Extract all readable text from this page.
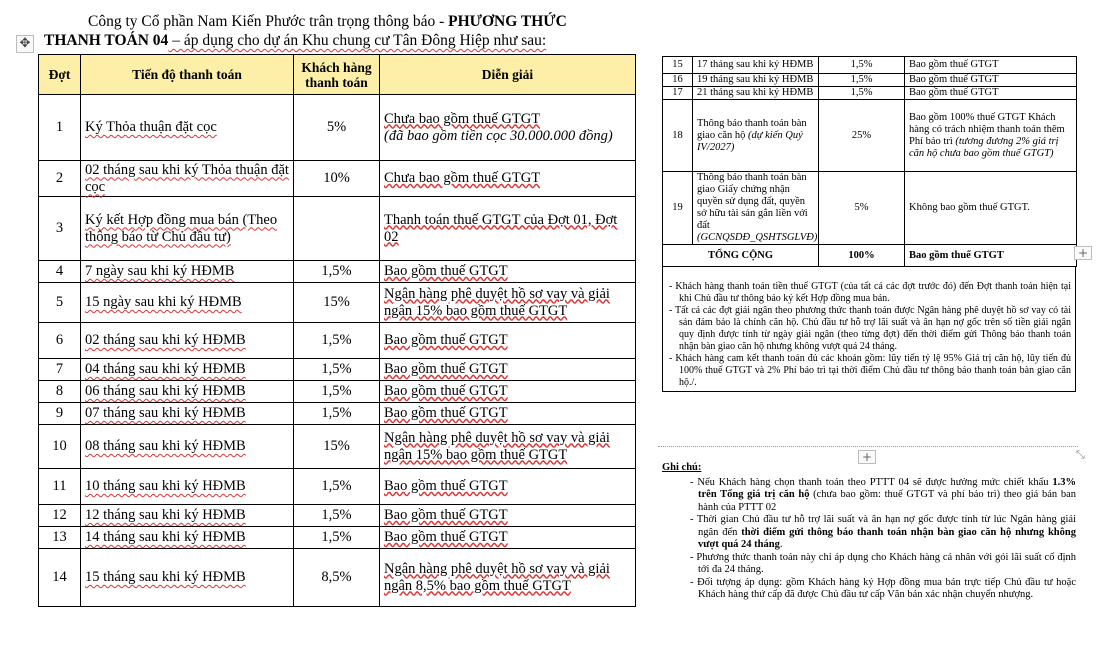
Công ty Cổ phần Nam Kiến Phước trân trọng thông báo - PHƯƠNG THỨC
THANH TOÁN 04 – áp dụng cho dự án Khu chung cư Tân Đông Hiệp như sau:
✥
Đợt	Tiến độ thanh toán	Khách hàng thanh toán	Diễn giải
1	Ký Thỏa thuận đặt cọc	5%	Chưa bao gồm thuế GTGT
(đã bao gồm tiền cọc 30.000.000 đồng)
2	02 tháng sau khi ký Thỏa thuận đặt cọc	10%	Chưa bao gồm thuế GTGT
3	Ký kết Hợp đồng mua bán (Theo thông báo từ Chủ đầu tư)		Thanh toán thuế GTGT của Đợt 01, Đợt 02
4	7 ngày sau khi ký HĐMB	1,5%	Bao gồm thuế GTGT
5	15 ngày sau khi ký HĐMB	15%	Ngân hàng phê duyệt hồ sơ vay và giải ngân 15% bao gồm thuế GTGT
6	02 tháng sau khi ký HĐMB	1,5%	Bao gồm thuế GTGT
7	04 tháng sau khi ký HĐMB	1,5%	Bao gồm thuế GTGT
8	06 tháng sau khi ký HĐMB	1,5%	Bao gồm thuế GTGT
9	07 tháng sau khi ký HĐMB	1,5%	Bao gồm thuế GTGT
10	08 tháng sau khi ký HĐMB	15%	Ngân hàng phê duyệt hồ sơ vay và giải ngân 15% bao gồm thuế GTGT
11	10 tháng sau khi ký HĐMB	1,5%	Bao gồm thuế GTGT
12	12 tháng sau khi ký HĐMB	1,5%	Bao gồm thuế GTGT
13	14 tháng sau khi ký HĐMB	1,5%	Bao gồm thuế GTGT
14	15 tháng sau khi ký HĐMB	8,5%	Ngân hàng phê duyệt hồ sơ vay và giải ngân 8,5% bao gồm thuế GTGT
15	17 tháng sau khi ký HĐMB	1,5%	Bao gồm thuế GTGT
16	19 tháng sau khi ký HĐMB	1,5%	Bao gồm thuế GTGT
17	21 tháng sau khi ký HĐMB	1,5%	Bao gồm thuế GTGT
18	Thông báo thanh toán bàn giao căn hộ (dự kiến Quý IV/2027)	25%	Bao gồm 100% thuế GTGT Khách hàng có trách nhiệm thanh toán thêm Phí bảo trì (tương đương 2% giá trị căn hộ chưa bao gồm thuế GTGT)
19	Thông báo thanh toán bàn giao Giấy chứng nhận quyền sử dụng đất, quyền sở hữu tài sản gắn liền với đất (GCNQSDĐ_QSHTSGLVĐ)	5%	Không bao gồm thuế GTGT.
TỔNG CỘNG		100%	Bao gồm thuế GTGT
- Khách hàng thanh toán tiền thuế GTGT (của tất cả các đợt trước đó) đến Đợt thanh toán hiện tại khi Chủ đầu tư thông báo ký kết Hợp đồng mua bán.
- Tất cả các đợt giải ngân theo phương thức thanh toán được Ngân hàng phê duyệt hồ sơ vay có tài sản đảm bảo là chính căn hộ. Chủ đầu tư hỗ trợ lãi suất và ân hạn nợ gốc trên số tiền giải ngân quy định được tính từ ngày giải ngân (theo từng đợt) đến thời điểm gửi Thông báo thanh toán nhận bàn giao căn hộ nhưng không vượt quá 24 tháng.
- Khách hàng cam kết thanh toán đủ các khoản gồm: lũy tiến tỷ lệ 95% Giá trị căn hộ, lũy tiến đủ 100% thuế GTGT và 2% Phí bảo trì tại thời điểm Chủ đầu tư thông báo thanh toán bàn giao căn hộ./.
Ghi chú:
- Nếu Khách hàng chọn thanh toán theo PTTT 04 sẽ được hưởng mức chiết khấu 1.3% trên Tổng giá trị căn hộ (chưa bao gồm: thuế GTGT và phí bảo trì) theo giá bán ban hành của PTTT 02
- Thời gian Chủ đầu tư hỗ trợ lãi suất và ân hạn nợ gốc được tính từ lúc Ngân hàng giải ngân đến thời điểm gửi thông báo thanh toán nhận bàn giao căn hộ nhưng không vượt quá 24 tháng.
- Phương thức thanh toán này chỉ áp dụng cho Khách hàng cá nhân với gói lãi suất cố định tới đa 24 tháng.
- Đối tượng áp dụng: gồm Khách hàng ký Hợp đồng mua bán trực tiếp Chủ đầu tư hoặc Khách hàng thứ cấp đã được Chủ đầu tư cấp Văn bản xác nhận chuyển nhượng.
+
+	⤡
